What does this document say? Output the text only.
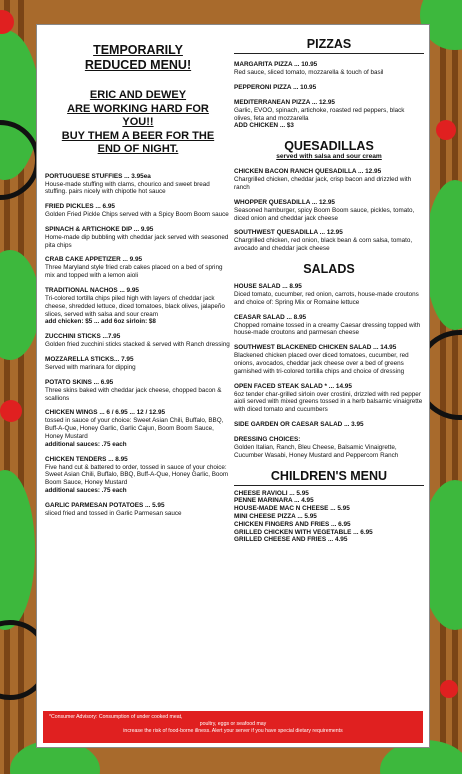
TEMPORARILY
REDUCED MENU!
ERIC AND DEWEY
ARE WORKING HARD FOR
YOU!!
BUY THEM A BEER FOR THE
END OF NIGHT.
PORTUGUESE STUFFIES ... 3.95ea
House-made stuffing with clams, chourico and sweet bread stuffing. pairs nicely with chipotle hot sauce
FRIED PICKLES ... 6.95
Golden Fried Pickle Chips served with a Spicy Boom Boom sauce
SPINACH & ARTICHOKE DIP ... 9.95
Home-made dip bubbling with cheddar jack served with seasoned pita chips
CRAB CAKE APPETIZER ... 9.95
Three Maryland style fried crab cakes placed on a bed of spring mix and topped with a lemon aioli
TRADITIONAL NACHOS ... 9.95
Tri-colored tortilla chips piled high with layers of cheddar jack cheese, shredded lettuce, diced tomatoes, black olives, jalapeño slices, served with salsa and sour cream
add chicken: $5 ... add 6oz sirloin: $8
ZUCCHINI STICKS ...7.95
Golden fried zucchini sticks stacked & served with Ranch dressing
MOZZARELLA STICKS... 7.95
Served with marinara for dipping
POTATO SKINS ... 6.95
Three skins baked with cheddar jack cheese, chopped bacon & scallions
CHICKEN WINGS ... 6 / 6.95 ... 12 / 12.95
tossed in sauce of your choice: Sweet Asian Chili, Buffalo, BBQ, Buff-A-Que, Honey Garlic, Garlic Cajun, Boom Boom Sauce, Honey Mustard
additional sauces: .75 each
CHICKEN TENDERS ... 8.95
Five hand cut & battered to order, tossed in sauce of your choice: Sweet Asian Chili, Buffalo, BBQ, Buff-A-Que, Honey Garlic, Boom Boom Sauce, Honey Mustard
additional sauces: .75 each
GARLIC PARMESAN POTATOES ... 5.95
sliced fried and tossed in Garlic Parmesan sauce
PIZZAS
MARGARITA PIZZA ... 10.95
Red sauce, sliced tomato, mozzarella & touch of basil
PEPPERONI PIZZA ... 10.95
MEDITERRANEAN PIZZA ... 12.95
Garlic, EVOO, spinach, artichoke, roasted red peppers, black olives, feta and mozzarella
ADD CHICKEN ... $3
QUESADILLAS
served with salsa and sour cream
CHICKEN BACON RANCH QUESADILLA ... 12.95
Chargrilled chicken, cheddar jack, crisp bacon and drizzled with ranch
WHOPPER QUESADILLA ... 12.95
Seasoned hamburger, spicy Boom Boom sauce, pickles, tomato, diced onion and cheddar jack cheese
SOUTHWEST QUESADILLA ... 12.95
Chargrilled chicken, red onion, black bean & corn salsa, tomato, avocado and cheddar jack cheese
SALADS
HOUSE SALAD ... 8.95
Diced tomato, cucumber, red onion, carrots, house-made croutons and choice of: Spring Mix or Romaine lettuce
CEASAR SALAD ... 8.95
Chopped romaine tossed in a creamy Caesar dressing topped with house-made croutons and parmesan cheese
SOUTHWEST BLACKENED CHICKEN SALAD ... 14.95
Blackened chicken placed over diced tomatoes, cucumber, red onions, avocados, cheddar jack cheese over a bed of greens garnished with tri-colored tortilla chips and choice of dressing
OPEN FACED STEAK SALAD * ... 14.95
6oz tender char-grilled sirloin over crostini, drizzled with red pepper aioli served with mixed greens tossed in a herb balsamic vinaigrette with diced tomato and cucumbers
SIDE GARDEN OR CAESAR SALAD ... 3.95
DRESSING CHOICES:
Golden Italian, Ranch, Bleu Cheese, Balsamic Vinaigrette, Cucumber Wasabi, Honey Mustard and Peppercorn Ranch
CHILDREN'S MENU
CHEESE RAVIOLI ... 5.95
PENNE MARINARA ... 4.95
HOUSE-MADE MAC N CHEESE ... 5.95
MINI CHEESE PIZZA ... 5.95
CHICKEN FINGERS AND FRIES ... 6.95
GRILLED CHICKEN WITH VEGETABLE ... 6.95
GRILLED CHEESE AND FRIES ... 4.95
*Consumer Advisory: Consumption of under cooked meat,
poultry, eggs or seafood may
increase the risk of food-borne illness. Alert your server if you have special dietary requirements
